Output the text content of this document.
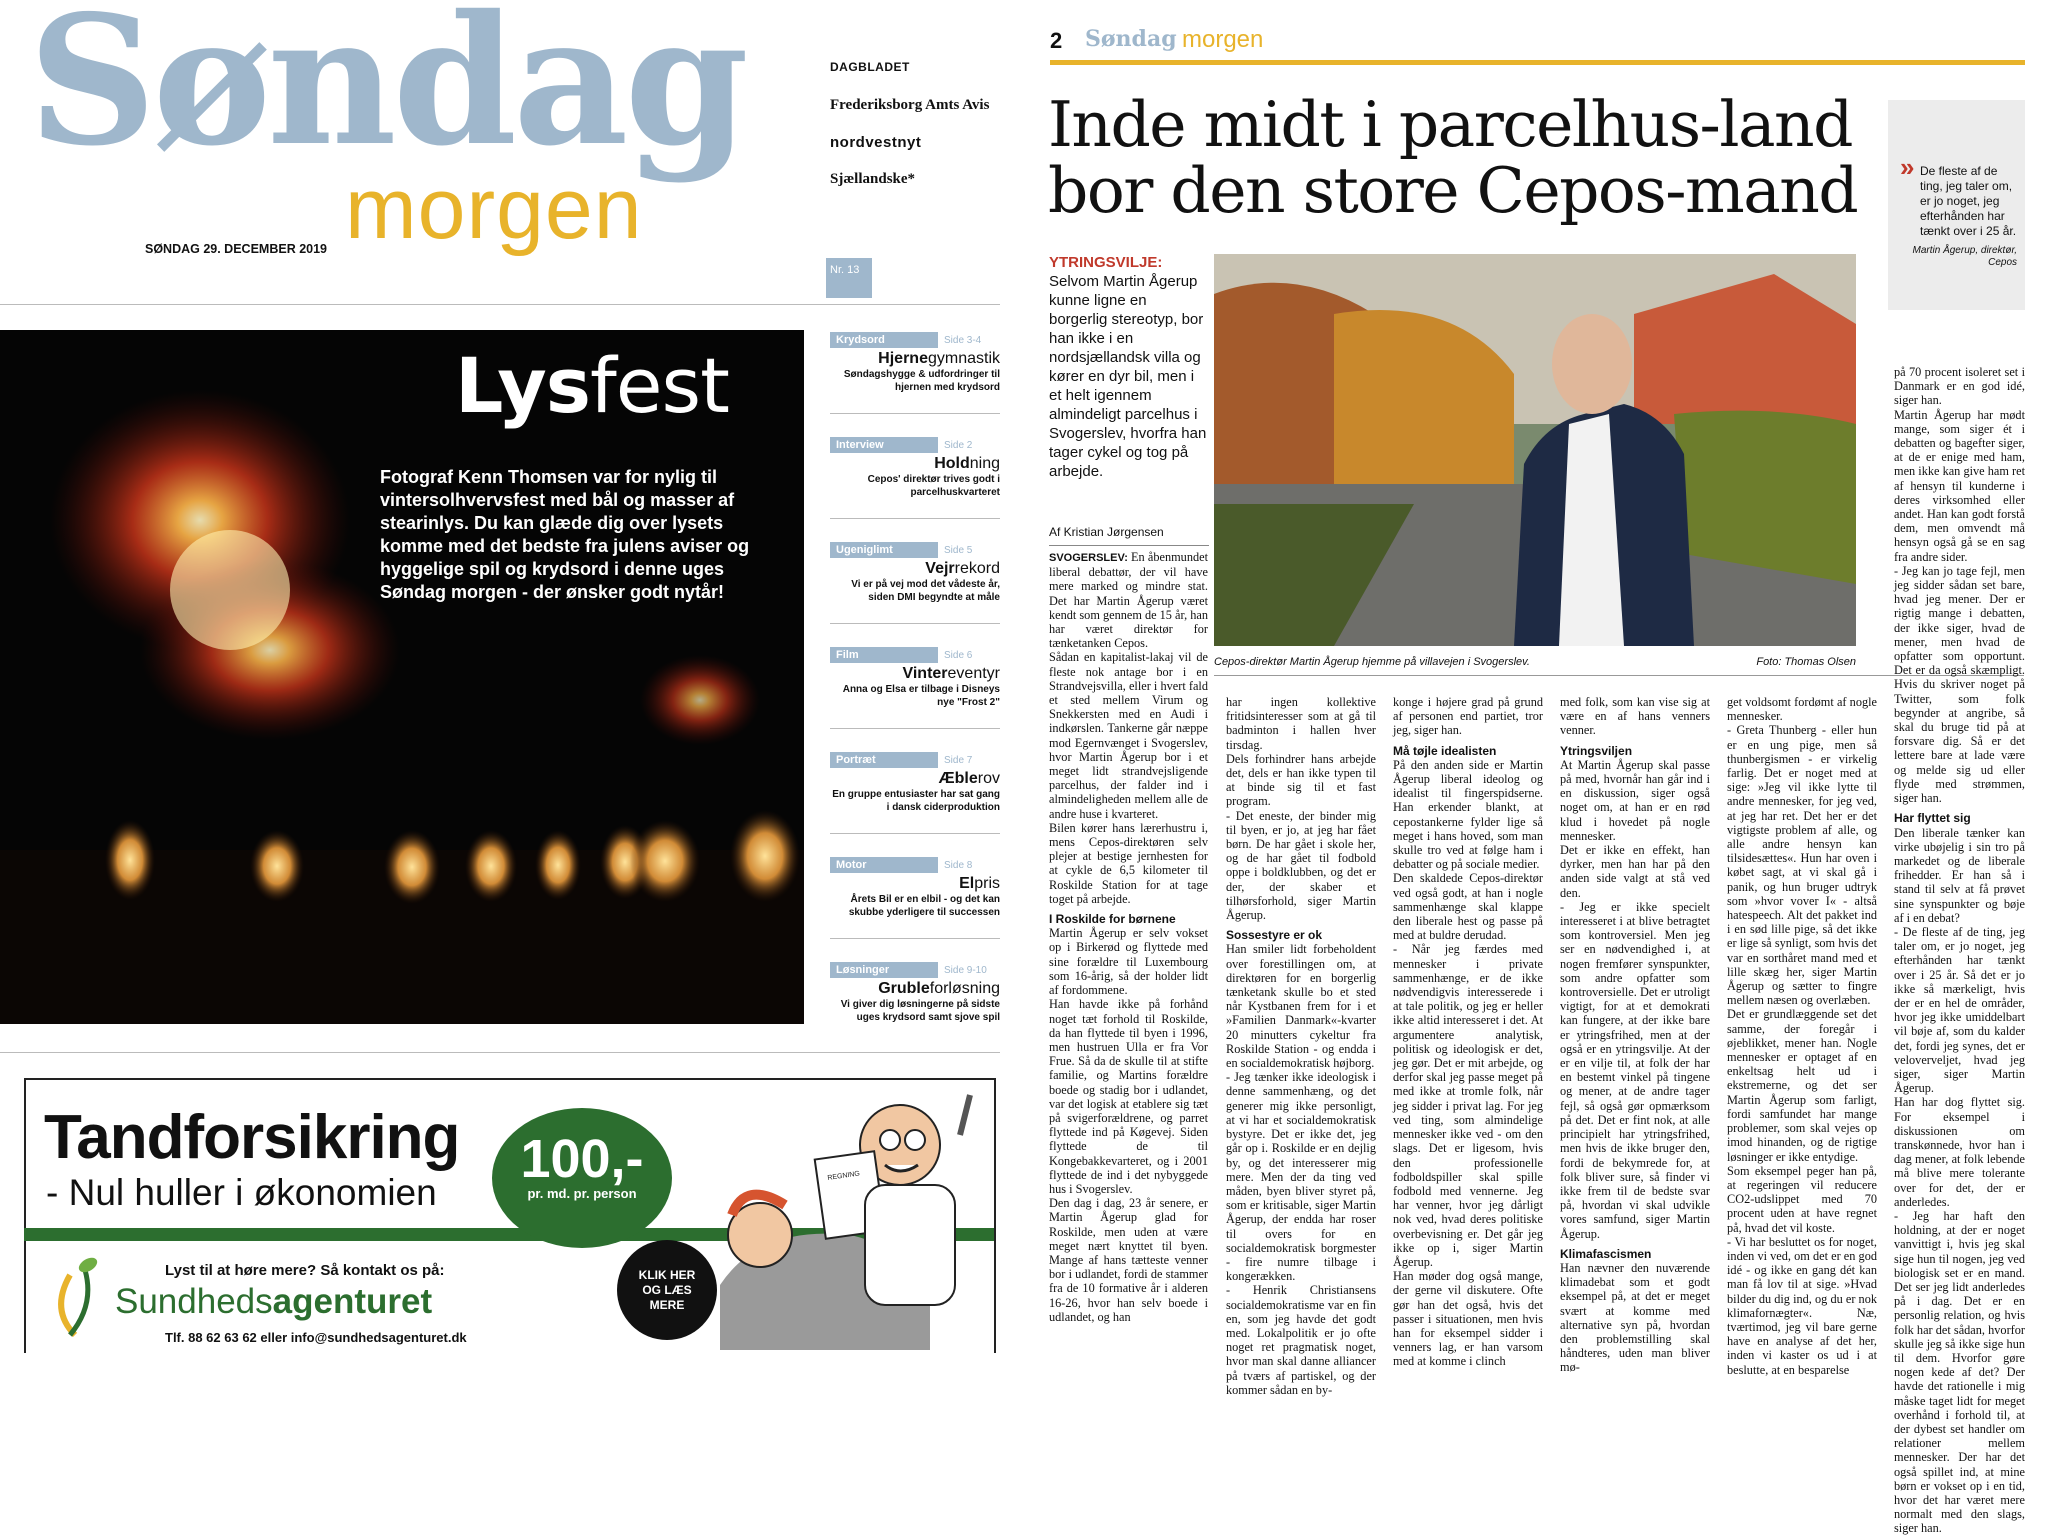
Søndag
morgen
SØNDAG 29. DECEMBER 2019
DAGBLADET
Frederiksborg Amts Avis
nordvestnyt
Sjællandske*
Nr. 13
Lysfest
Fotograf Kenn Thomsen var for nylig til vintersolhvervsfest med bål og masser af stearinlys. Du kan glæde dig over lysets komme med det bedste fra julens aviser og hyggelige spil og krydsord i denne uges Søndag morgen - der ønsker godt nytår!
Krydsord	Side 3-4
Hjernegymnastik
Søndagshygge & udfordringer til hjernen med krydsord
Interview	Side 2
Holdning
Cepos' direktør trives godt i parcelhuskvarteret
Ugeniglimt	Side 5
Vejrrekord
Vi er på vej mod det vådeste år, siden DMI begyndte at måle
Film	Side 6
Vintereventyr
Anna og Elsa er tilbage i Disneys nye "Frost 2"
Portræt	Side 7
Æblerov
En gruppe entusiaster har sat gang i dansk ciderproduktion
Motor	Side 8
Elpris
Årets Bil er en elbil - og det kan skubbe yderligere til successen
Løsninger	Side 9-10
Grubleforløsning
Vi giver dig løsningerne på sidste uges krydsord samt sjove spil
Tandforsikring
- Nul huller i økonomien
100,-
pr. md. pr. person
REGNING
Lyst til at høre mere? Så kontakt os på:
Sundhedsagenturet
Tlf. 88 62 63 62 eller info@sundhedsagenturet.dk
KLIK HER
OG LÆS
MERE
2 Søndag morgen
Inde midt i parcelhus-land bor den store Cepos-mand	» De fleste af de ting, jeg taler om, er jo noget, jeg efterhånden har tænkt over i 25 år.
Martin Ågerup, direktør, Cepos
YTRINGSVILJE: Selvom Martin Ågerup kunne ligne en borgerlig stereotyp, bor han ikke i en nordsjællandsk villa og kører en dyr bil, men i et helt igennem almindeligt parcelhus i Svogerslev, hvorfra han tager cykel og tog på arbejde.
Af Kristian Jørgensen
Cepos-direktør Martin Ågerup hjemme på villavejen i Svogerslev.	Foto: Thomas Olsen

SVOGERSLEV: En åbenmundet liberal debattør, der vil have mere marked og mindre stat. Det har Martin Ågerup været kendt som gennem de 15 år, han har været direktør for tænketanken Cepos.

Sådan en kapitalist-lakaj vil de fleste nok antage bor i en Strandvejsvilla, eller i hvert fald et sted mellem Virum og Snekkersten med en Audi i indkørslen. Tankerne går næppe mod Egernvænget i Svogerslev, hvor Martin Ågerup bor i et meget lidt strandvejsligende parcelhus, der falder ind i almindeligheden mellem alle de andre huse i kvarteret.

Bilen kører hans lærerhustru i, mens Cepos-direktøren selv plejer at bestige jernhesten for at cykle de 6,5 kilometer til Roskilde Station for at tage toget på arbejde.

I Roskilde for børnene

Martin Ågerup er selv vokset op i Birkerød og flyttede med sine forældre til Luxembourg som 16-årig, så der holder lidt af fordommene.

Han havde ikke på forhånd noget tæt forhold til Roskilde, da han flyttede til byen i 1996, men hustruen Ulla er fra Vor Frue. Så da de skulle til at stifte familie, og Martins forældre boede og stadig bor i udlandet, var det logisk at etablere sig tæt på svigerforældrene, og parret flyttede ind på Køgevej. Siden flyttede de til Kongebakkevarteret, og i 2001 flyttede de ind i det nybyggede hus i Svogerslev.

Den dag i dag, 23 år senere, er Martin Ågerup glad for Roskilde, men uden at være meget nært knyttet til byen. Mange af hans tætteste venner bor i udlandet, fordi de stammer fra de 10 formative år i alderen 16-26, hvor han selv boede i udlandet, og han

har ingen kollektive fritidsinteresser som at gå til badminton i hallen hver tirsdag.

Dels forhindrer hans arbejde det, dels er han ikke typen til at binde sig til et fast program.

- Det eneste, der binder mig til byen, er jo, at jeg har fået børn. De har gået i skole her, og de har gået til fodbold oppe i boldklubben, og det er der, der skaber et tilhørsforhold, siger Martin Ågerup.

Sossestyre er ok

Han smiler lidt forbeholdent over forestillingen om, at direktøren for en borgerlig tænketank skulle bo et sted når Kystbanen frem for i et »Familien Danmark«-kvarter 20 minutters cykeltur fra Roskilde Station - og endda i en socialdemokratisk højborg.

- Jeg tænker ikke ideologisk i denne sammenhæng, og det generer mig ikke personligt, at vi har et socialdemokratisk bystyre. Det er ikke det, jeg går op i. Roskilde er en dejlig by, og det interesserer mig mere. Men der da ting ved måden, byen bliver styret på, som er kritisable, siger Martin Ågerup, der endda har roser til overs for en socialdemokratisk borgmester - fire numre tilbage i kongerækken.

- Henrik Christiansens socialdemokratisme var en fin en, som jeg havde det godt med. Lokalpolitik er jo ofte noget ret pragmatisk noget, hvor man skal danne alliancer på tværs af partiskel, og der kommer sådan en by-

konge i højere grad på grund af personen end partiet, tror jeg, siger han.

Må tøjle idealisten

På den anden side er Martin Ågerup liberal ideolog og idealist til fingerspidserne. Han erkender blankt, at cepostankerne fylder lige så meget i hans hoved, som man skulle tro ved at følge ham i debatter og på sociale medier.

Den skaldede Cepos-direktør ved også godt, at han i nogle sammenhænge skal klappe den liberale hest og passe på med at buldre derudad.

- Når jeg færdes med mennesker i private sammenhænge, er de ikke nødvendigvis interesserede i at tale politik, og jeg er heller ikke altid interesseret i det. At argumentere analytisk, politisk og ideologisk er det, jeg gør. Det er mit arbejde, og derfor skal jeg passe meget på med ikke at tromle folk, når jeg sidder i privat lag. For jeg ved ting, som almindelige mennesker ikke ved - om den slags. Det er ligesom, hvis den professionelle fodboldspiller skal spille fodbold med vennerne. Jeg har venner, hvor jeg dårligt nok ved, hvad deres politiske overbevisning er. Det går jeg ikke op i, siger Martin Ågerup.

Han møder dog også mange, der gerne vil diskutere. Ofte gør han det også, hvis det passer i situationen, men hvis han for eksempel sidder i venners lag, er han varsom med at komme i clinch

med folk, som kan vise sig at være en af hans venners venner.

Ytringsviljen

At Martin Ågerup skal passe på med, hvornår han går ind i en diskussion, siger også noget om, at han er en rød klud i hovedet på nogle mennesker.

Det er ikke en effekt, han dyrker, men han har på den anden side valgt at stå ved den.

- Jeg er ikke specielt interesseret i at blive betragtet som kontroversiel. Men jeg ser en nødvendighed i, at nogen fremfører synspunkter, som andre opfatter som kontroversielle. Det er utroligt vigtigt, for at et demokrati kan fungere, at der ikke bare er ytringsfrihed, men at der også er en ytringsvilje. At der er en vilje til, at folk der har en bestemt vinkel på tingene og mener, at de andre tager fejl, så også gør opmærksom på det. Det er fint nok, at alle principielt har ytringsfrihed, men hvis de ikke bruger den, fordi de bekymrede for, at folk bliver sure, så finder vi ikke frem til de bedste svar på, hvordan vi skal udvikle vores samfund, siger Martin Ågerup.

Klimafascismen

Han nævner den nuværende klimadebat som et godt eksempel på, at det er meget svært at komme med alternative syn på, hvordan den problemstilling skal håndteres, uden man bliver mø-

get voldsomt fordømt af nogle mennesker.

- Greta Thunberg - eller hun er en ung pige, men så thunbergismen - er virkelig farlig. Det er noget med at sige: »Jeg vil ikke lytte til andre mennesker, for jeg ved, at jeg har ret. Det her er det vigtigste problem af alle, og alle andre hensyn kan tilsidesættes«. Hun har oven i købet sagt, at vi skal gå i panik, og hun bruger udtryk som »hvor vover I« - altså hatespeech. Alt det pakket ind i en sød lille pige, så det ikke er lige så synligt, som hvis det var en sorthåret mand med et lille skæg her, siger Martin Ågerup og sætter to fingre mellem næsen og overlæben.

Det er grundlæggende set det samme, der foregår i øjeblikket, mener han. Nogle mennesker er optaget af en enkeltsag helt ud i ekstremerne, og det ser Martin Ågerup som farligt, fordi samfundet har mange problemer, som skal vejes op imod hinanden, og de rigtige løsninger er ikke entydige.

Som eksempel peger han på, at regeringen vil reducere CO2-udslippet med 70 procent uden at have regnet på, hvad det vil koste.

- Vi har besluttet os for noget, inden vi ved, om det er en god idé - og ikke en gang dét kan man få lov til at sige. »Hvad bilder du dig ind, og du er nok klimafornægter«. Næ, tværtimod, jeg vil bare gerne have en analyse af det her, inden vi kaster os ud i at beslutte, at en besparelse

på 70 procent isoleret set i Danmark er en god idé, siger han.

Martin Ågerup har mødt mange, som siger ét i debatten og bagefter siger, at de er enige med ham, men ikke kan give ham ret af hensyn til kunderne i deres virksomhed eller andet. Han kan godt forstå dem, men omvendt må hensyn også gå se en sag fra andre sider.

- Jeg kan jo tage fejl, men jeg sidder sådan set bare, hvad jeg mener. Der er rigtig mange i debatten, der ikke siger, hvad de mener, men hvad de opfatter som opportunt. Det er da også skæmpligt. Hvis du skriver noget på Twitter, som folk begynder at angribe, så skal du bruge tid på at forsvare dig. Så er det lettere bare at lade være og melde sig ud eller flyde med strømmen, siger han.

Har flyttet sig

Den liberale tænker kan virke ubøjelig i sin tro på markedet og de liberale frihedder. Er han så i stand til selv at få prøvet sine synspunkter og bøje af i en debat?

- De fleste af de ting, jeg taler om, er jo noget, jeg efterhånden har tænkt over i 25 år. Så det er jo ikke så mærkeligt, hvis der er en hel de områder, hvor jeg ikke umiddelbart vil bøje af, som du kalder det, fordi jeg synes, det er veloverveljet, hvad jeg siger, siger Martin Ågerup.

Han har dog flyttet sig. For eksempel i diskussionen om transkønnede, hvor han i dag mener, at folk lebende må blive mere tolerante over for det, der er anderledes.

- Jeg har haft den holdning, at der er noget vanvittigt i, hvis jeg skal sige hun til nogen, jeg ved biologisk set er en mand. Det ser jeg lidt anderledes på i dag. Det er en personlig relation, og hvis folk har det sådan, hvorfor skulle jeg så ikke sige hun til dem. Hvorfor gøre nogen kede af det? Der havde det rationelle i mig måske taget lidt for meget overhånd i forhold til, at der dybest set handler om relationer mellem mennesker. Der har det også spillet ind, at mine børn er vokset op i en tid, hvor det har været mere normalt med den slags, siger han.
